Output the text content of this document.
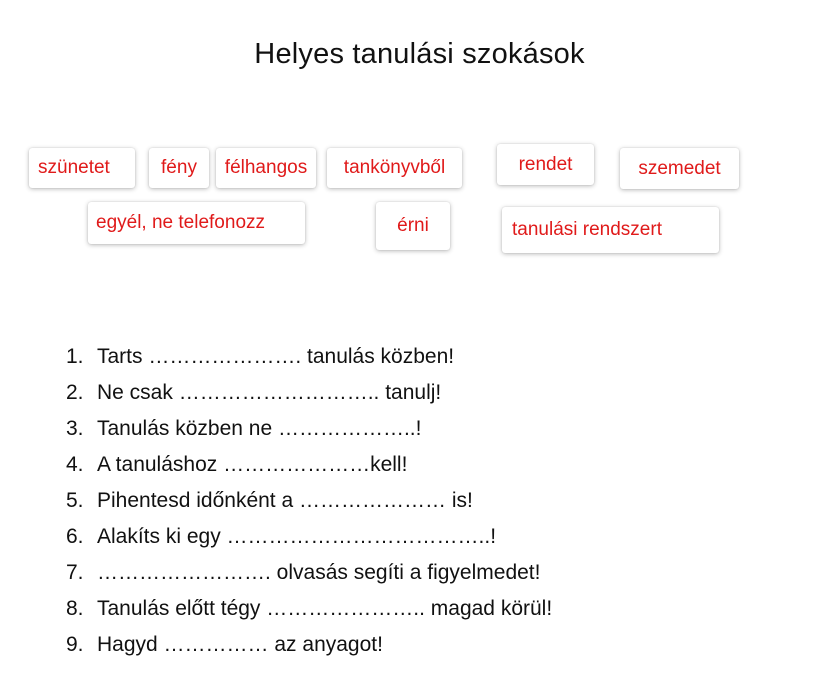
Helyes tanulási szokások
szünetet	fény	félhangos	tankönyvből	rendet	szemedet
egyél, ne telefonozz	érni	tanulási rendszert
1. Tarts …………………. tanulás közben!
2. Ne csak ……………………….. tanulj!
3. Tanulás közben ne ………………..!
4. A tanuláshoz …………………kell!
5. Pihentesd időnként a ………………… is!
6. Alakíts ki egy ………………………………..!
7. ……………………. olvasás segíti a figyelmedet!
8. Tanulás előtt tégy ………………….. magad körül!
9. Hagyd …………… az anyagot!
